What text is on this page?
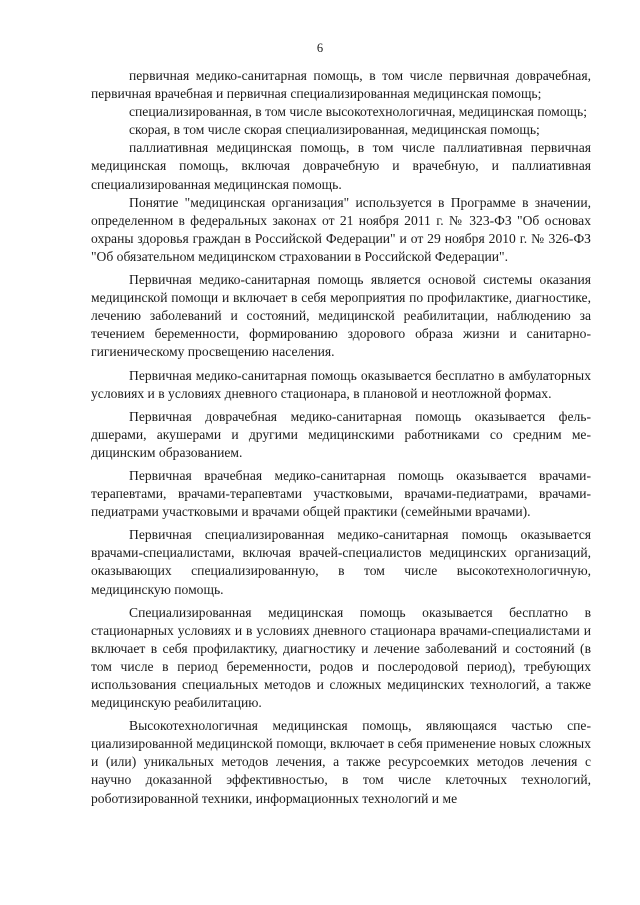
6

первичная медико-санитарная помощь, в том числе первичная доврачебная, первичная врачебная и первичная специализированная медицинская помощь;

специализированная, в том числе высокотехнологичная, медицинская помощь;

скорая, в том числе скорая специализированная, медицинская помощь;

паллиативная медицинская помощь, в том числе паллиативная первичная медицинская помощь, включая доврачебную и врачебную, и паллиативная специализированная медицинская помощь.

Понятие "медицинская организация" используется в Программе в значении, определенном в федеральных законах от 21 ноября 2011 г. № 323-ФЗ "Об основах охраны здоровья граждан в Российской Федерации" и от 29 ноября 2010 г. № 326-ФЗ "Об обязательном медицинском страховании в Российской Федерации".

Первичная медико-санитарная помощь является основой системы оказания медицинской помощи и включает в себя мероприятия по профилактике, диагностике, лечению заболеваний и состояний, медицинской реабилитации, наблюдению за течением беременности, формированию здорового образа жизни и санитарно-гигиеническому просвещению населения.

Первичная медико-санитарная помощь оказывается бесплатно в амбулаторных условиях и в условиях дневного стационара, в плановой и неотложной формах.

Первичная доврачебная медико-санитарная помощь оказывается фельдшерами, акушерами и другими медицинскими работниками со средним медицинским образованием.

Первичная врачебная медико-санитарная помощь оказывается врачами-терапевтами, врачами-терапевтами участковыми, врачами-педиатрами, врачами-педиатрами участковыми и врачами общей практики (семейными врачами).

Первичная специализированная медико-санитарная помощь оказывается врачами-специалистами, включая врачей-специалистов медицинских организаций, оказывающих специализированную, в том числе высокотехнологичную, медицинскую помощь.

Специализированная медицинская помощь оказывается бесплатно в стационарных условиях и в условиях дневного стационара врачами-специалистами и включает в себя профилактику, диагностику и лечение заболеваний и состояний (в том числе в период беременности, родов и послеродовой период), требующих использования специальных методов и сложных медицинских технологий, а также медицинскую реабилитацию.

Высокотехнологичная медицинская помощь, являющаяся частью специализированной медицинской помощи, включает в себя применение новых сложных и (или) уникальных методов лечения, а также ресурсоемких методов лечения с научно доказанной эффективностью, в том числе клеточных технологий, роботизированной техники, информационных технологий и ме
